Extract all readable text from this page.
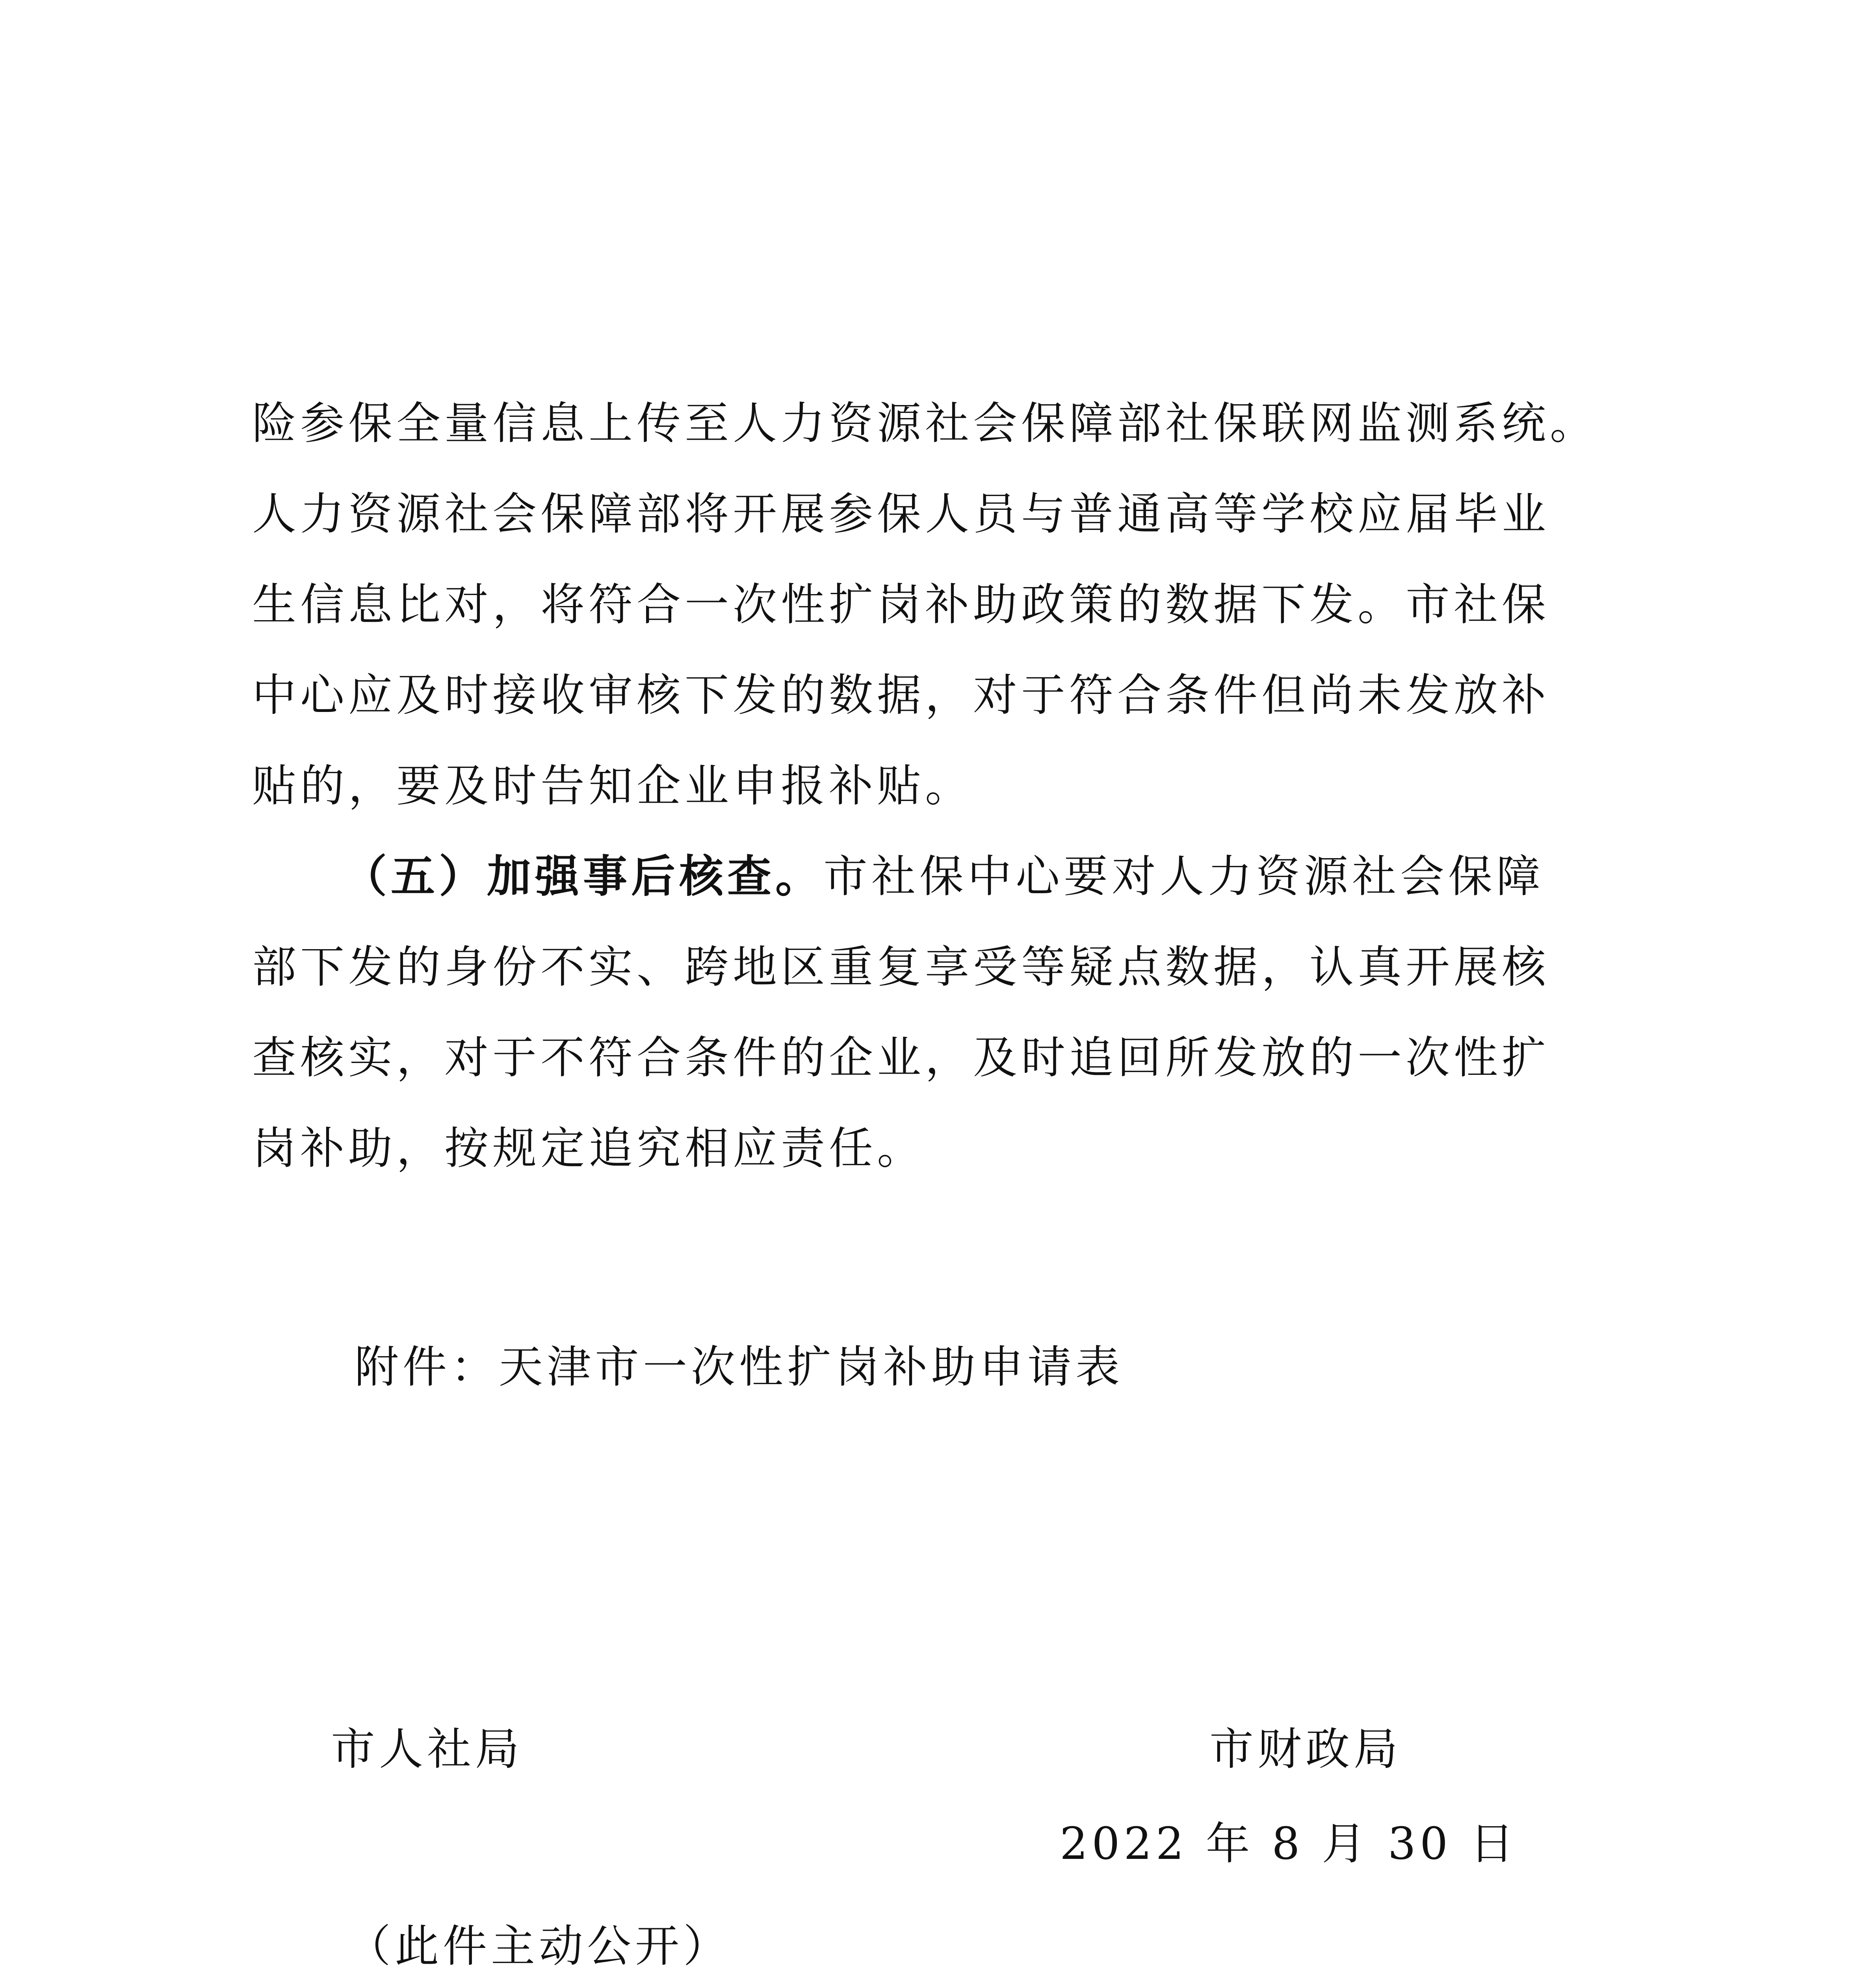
险参保全量信息上传至人力资源社会保障部社保联网监测系统。
人力资源社会保障部将开展参保人员与普通高等学校应届毕业
生信息比对，将符合一次性扩岗补助政策的数据下发。市社保
中心应及时接收审核下发的数据，对于符合条件但尚未发放补
贴的，要及时告知企业申报补贴。
（五）加强事后核查。市社保中心要对人力资源社会保障
部下发的身份不实、跨地区重复享受等疑点数据，认真开展核
查核实，对于不符合条件的企业，及时追回所发放的一次性扩
岗补助，按规定追究相应责任。
附件：天津市一次性扩岗补助申请表
市人社局	市财政局
2022 年 8 月 30 日
（此件主动公开）
